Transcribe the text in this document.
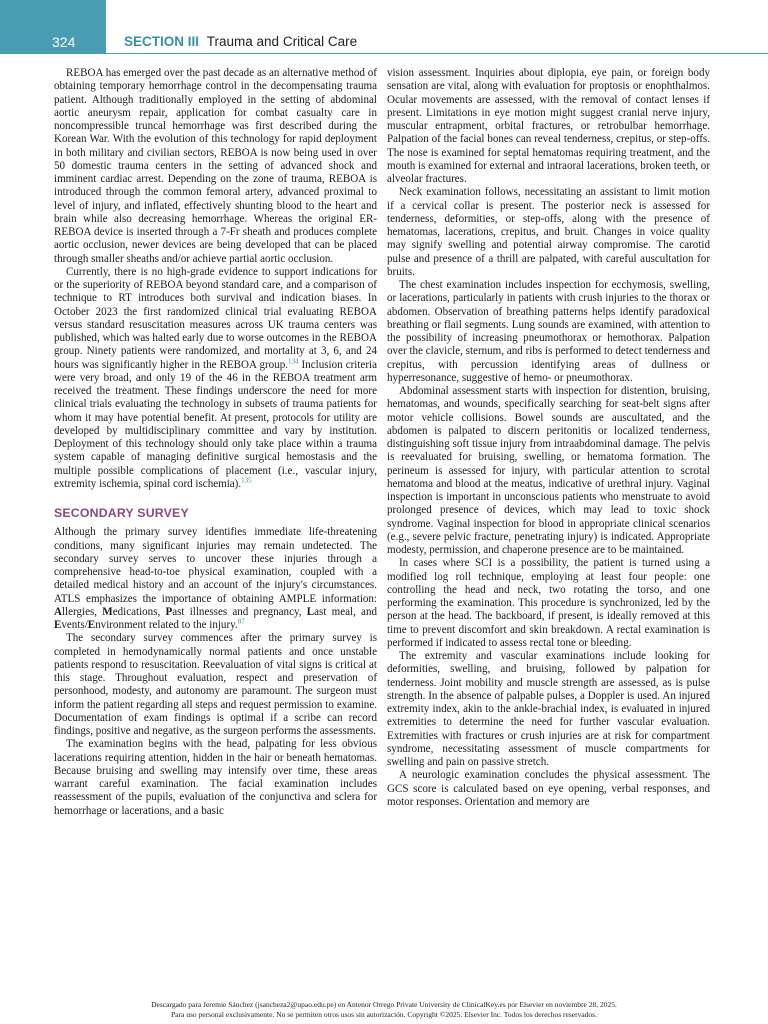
324	SECTION III Trauma and Critical Care

REBOA has emerged over the past decade as an alternative method of obtaining temporary hemorrhage control in the decompensating trauma patient. Although traditionally employed in the setting of abdominal aortic aneurysm repair, application for combat casualty care in noncompressible truncal hemorrhage was first described during the Korean War. With the evolution of this technology for rapid deployment in both military and civilian sectors, REBOA is now being used in over 50 domestic trauma centers in the setting of advanced shock and imminent cardiac arrest. Depending on the zone of trauma, REBOA is introduced through the common femoral artery, advanced proximal to level of injury, and inflated, effectively shunting blood to the heart and brain while also decreasing hemorrhage. Whereas the original ER-REBOA device is inserted through a 7-Fr sheath and produces complete aortic occlusion, newer devices are being developed that can be placed through smaller sheaths and/or achieve partial aortic occlusion.

Currently, there is no high-grade evidence to support indications for or the superiority of REBOA beyond standard care, and a comparison of technique to RT introduces both survival and indication biases. In October 2023 the first randomized clinical trial evaluating REBOA versus standard resuscitation measures across UK trauma centers was published, which was halted early due to worse outcomes in the REBOA group. Ninety patients were randomized, and mortality at 3, 6, and 24 hours was significantly higher in the REBOA group.$^{134}$ Inclusion criteria were very broad, and only 19 of the 46 in the REBOA treatment arm received the treatment. These findings underscore the need for more clinical trials evaluating the technology in subsets of trauma patients for whom it may have potential benefit. At present, protocols for utility are developed by multidisciplinary committee and vary by institution. Deployment of this technology should only take place within a trauma system capable of managing definitive surgical hemostasis and the multiple possible complications of placement (i.e., vascular injury, extremity ischemia, spinal cord ischemia).$^{135}$

SECONDARY SURVEY

Although the primary survey identifies immediate life-threatening conditions, many significant injuries may remain undetected. The secondary survey serves to uncover these injuries through a comprehensive head-to-toe physical examination, coupled with a detailed medical history and an account of the injury's circumstances. ATLS emphasizes the importance of obtaining AMPLE information: Allergies, Medications, Past illnesses and pregnancy, Last meal, and Events/Environment related to the injury.$^{87}$

The secondary survey commences after the primary survey is completed in hemodynamically normal patients and once unstable patients respond to resuscitation. Reevaluation of vital signs is critical at this stage. Throughout evaluation, respect and preservation of personhood, modesty, and autonomy are paramount. The surgeon must inform the patient regarding all steps and request permission to examine. Documentation of exam findings is optimal if a scribe can record findings, positive and negative, as the surgeon performs the assessments.

The examination begins with the head, palpating for less obvious lacerations requiring attention, hidden in the hair or beneath hematomas. Because bruising and swelling may intensify over time, these areas warrant careful examination. The facial examination includes reassessment of the pupils, evaluation of the conjunctiva and sclera for hemorrhage or lacerations, and a basic

vision assessment. Inquiries about diplopia, eye pain, or foreign body sensation are vital, along with evaluation for proptosis or enophthalmos. Ocular movements are assessed, with the removal of contact lenses if present. Limitations in eye motion might suggest cranial nerve injury, muscular entrapment, orbital fractures, or retrobulbar hemorrhage. Palpation of the facial bones can reveal tenderness, crepitus, or step-offs. The nose is examined for septal hematomas requiring treatment, and the mouth is examined for external and intraoral lacerations, broken teeth, or alveolar fractures.

Neck examination follows, necessitating an assistant to limit motion if a cervical collar is present. The posterior neck is assessed for tenderness, deformities, or step-offs, along with the presence of hematomas, lacerations, crepitus, and bruit. Changes in voice quality may signify swelling and potential airway compromise. The carotid pulse and presence of a thrill are palpated, with careful auscultation for bruits.

The chest examination includes inspection for ecchymosis, swelling, or lacerations, particularly in patients with crush injuries to the thorax or abdomen. Observation of breathing patterns helps identify paradoxical breathing or flail segments. Lung sounds are examined, with attention to the possibility of increasing pneumothorax or hemothorax. Palpation over the clavicle, sternum, and ribs is performed to detect tenderness and crepitus, with percussion identifying areas of dullness or hyperresonance, suggestive of hemo- or pneumothorax.

Abdominal assessment starts with inspection for distention, bruising, hematomas, and wounds, specifically searching for seat-belt signs after motor vehicle collisions. Bowel sounds are auscultated, and the abdomen is palpated to discern peritonitis or localized tenderness, distinguishing soft tissue injury from intraabdominal damage. The pelvis is reevaluated for bruising, swelling, or hematoma formation. The perineum is assessed for injury, with particular attention to scrotal hematoma and blood at the meatus, indicative of urethral injury. Vaginal inspection is important in unconscious patients who menstruate to avoid prolonged presence of devices, which may lead to toxic shock syndrome. Vaginal inspection for blood in appropriate clinical scenarios (e.g., severe pelvic fracture, penetrating injury) is indicated. Appropriate modesty, permission, and chaperone presence are to be maintained.

In cases where SCI is a possibility, the patient is turned using a modified log roll technique, employing at least four people: one controlling the head and neck, two rotating the torso, and one performing the examination. This procedure is synchronized, led by the person at the head. The backboard, if present, is ideally removed at this time to prevent discomfort and skin breakdown. A rectal examination is performed if indicated to assess rectal tone or bleeding.

The extremity and vascular examinations include looking for deformities, swelling, and bruising, followed by palpation for tenderness. Joint mobility and muscle strength are assessed, as is pulse strength. In the absence of palpable pulses, a Doppler is used. An injured extremity index, akin to the ankle-brachial index, is evaluated in injured extremities to determine the need for further vascular evaluation. Extremities with fractures or crush injuries are at risk for compartment syndrome, necessitating assessment of muscle compartments for swelling and pain on passive stretch.

A neurologic examination concludes the physical assessment. The GCS score is calculated based on eye opening, verbal responses, and motor responses. Orientation and memory are

Descargado para Jeremie Sánchez (jsancheza2@upao.edu.pe) en Antenor Orrego Private University de ClinicalKey.es por Elsevier en noviembre 28, 2025.
Para uso personal exclusivamente. No se permiten otros usos sin autorización. Copyright ©2025. Elsevier Inc. Todos los derechos reservados.
